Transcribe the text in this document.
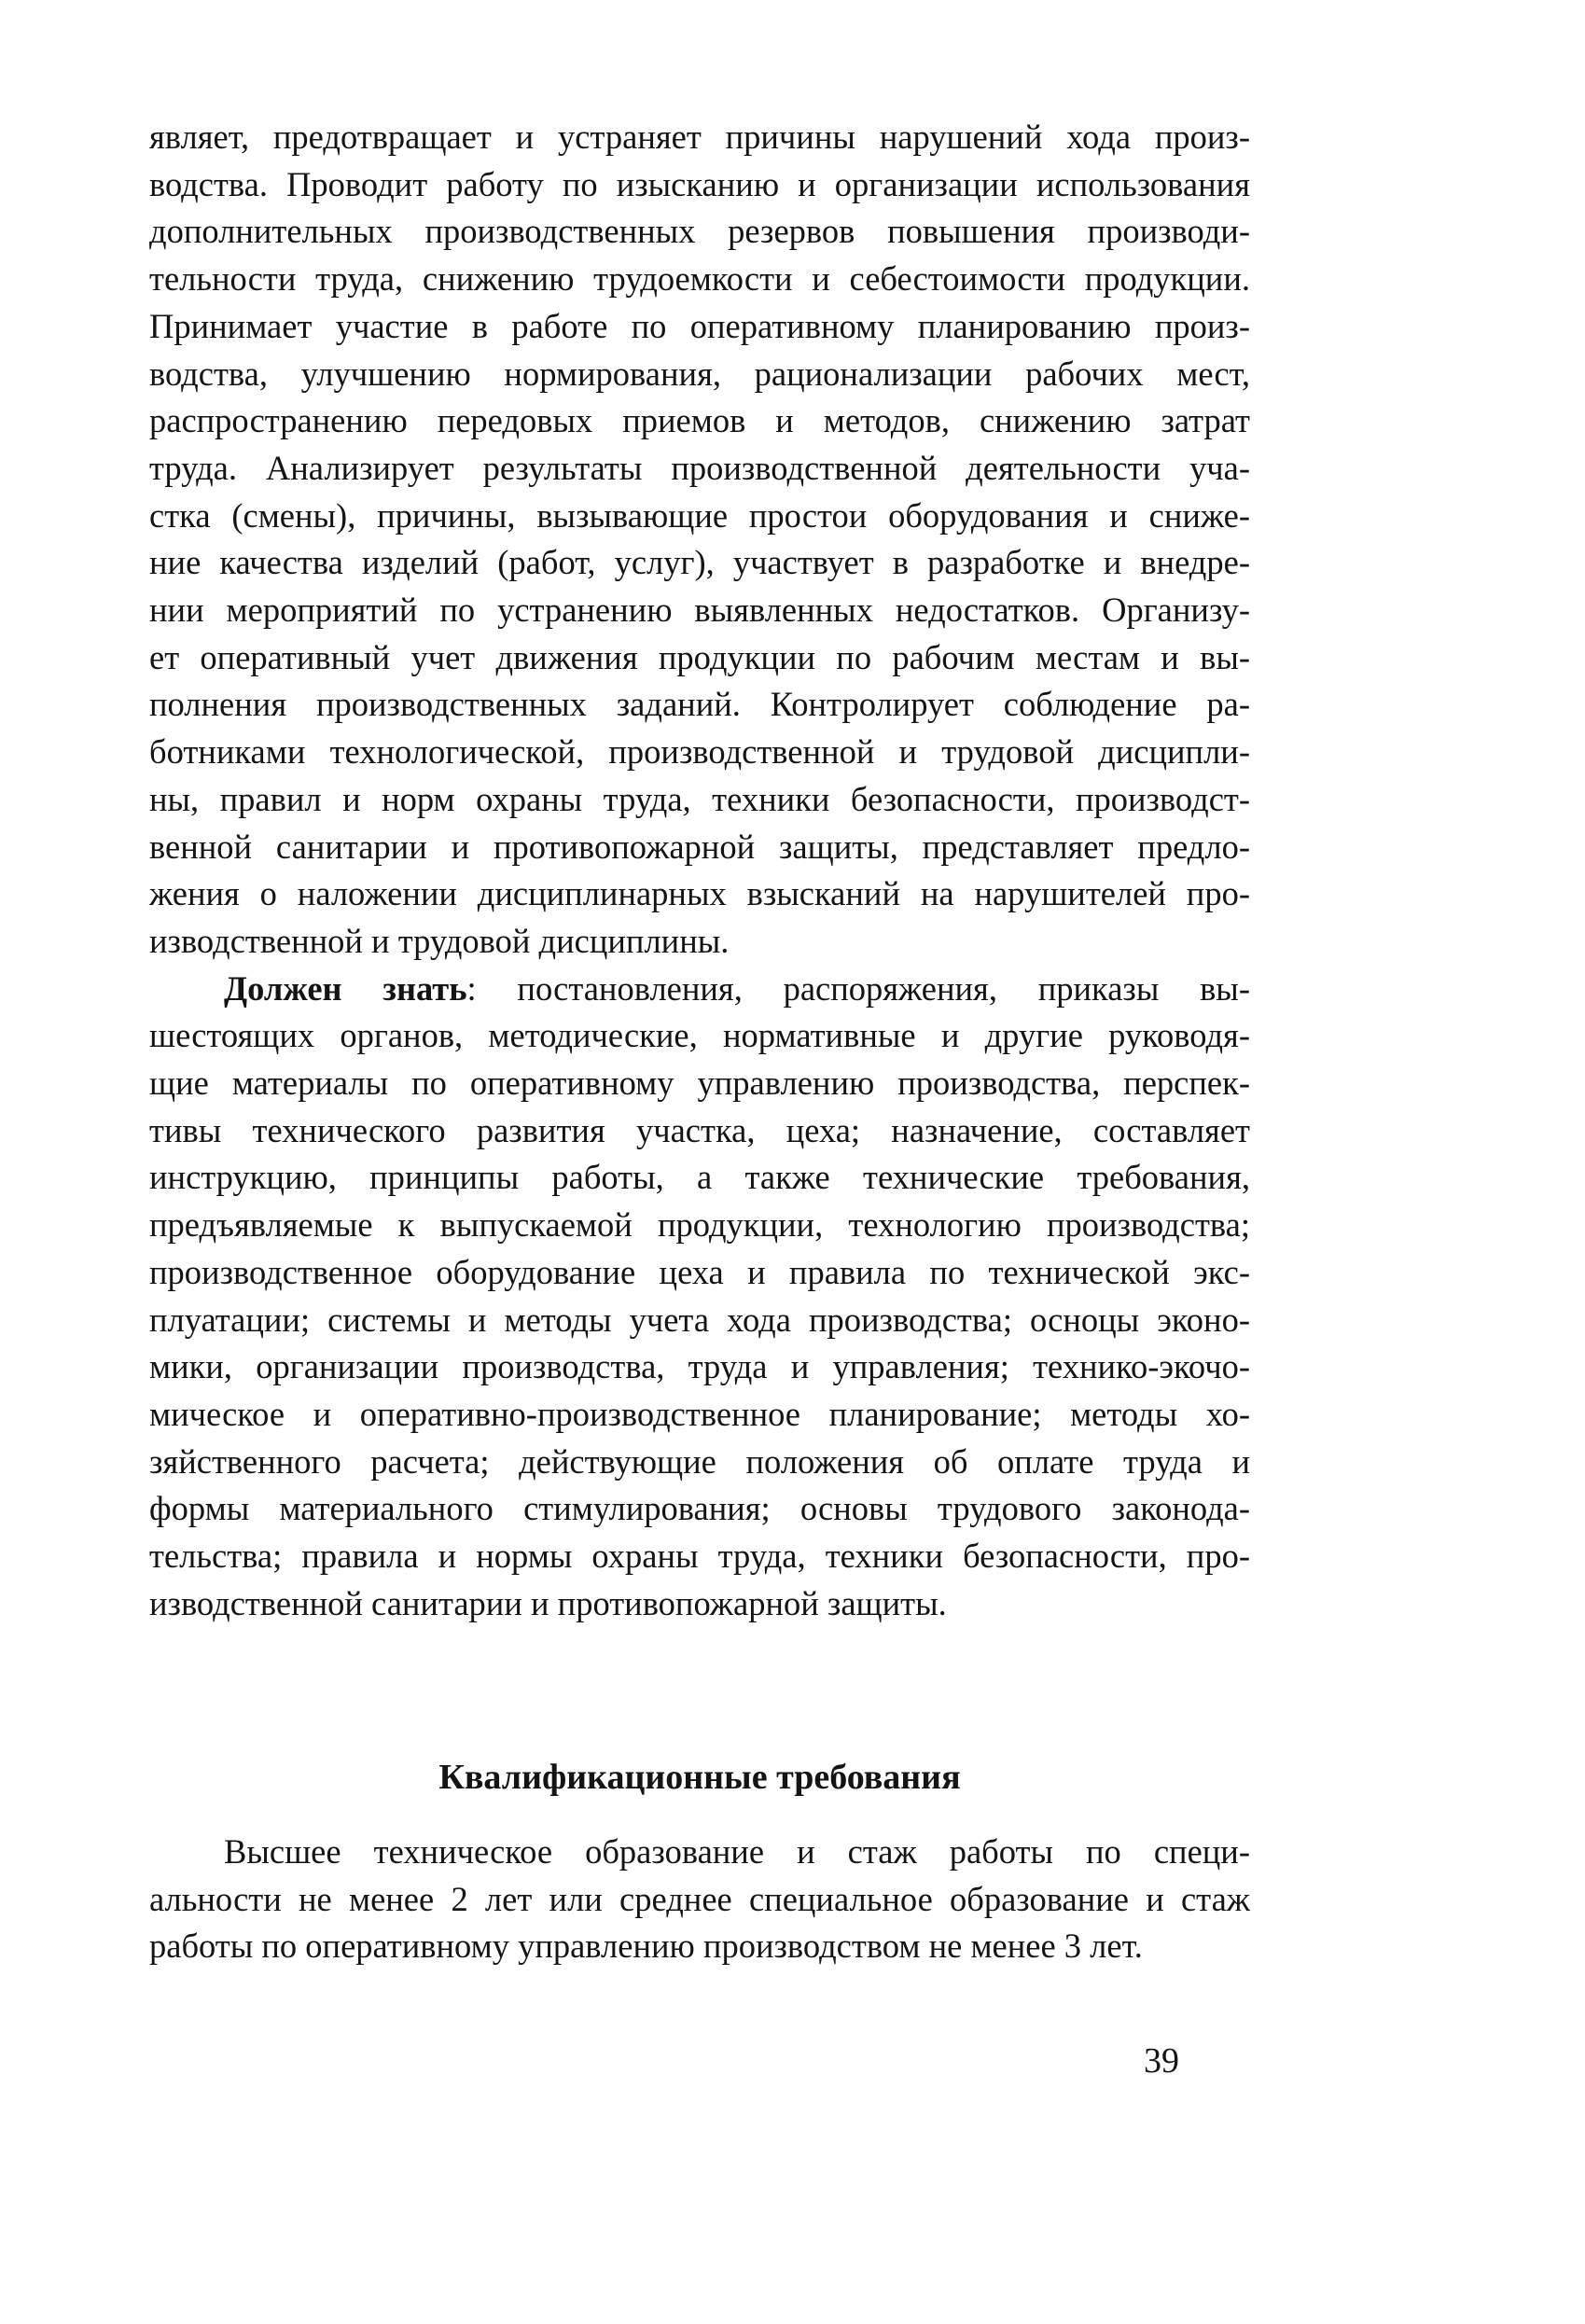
являет, предотвращает и устраняет причины нарушений хода произ-
водства. Проводит работу по изысканию и организации использования
дополнительных производственных резервов повышения производи-
тельности труда, снижению трудоемкости и себестоимости продукции.
Принимает участие в работе по оперативному планированию произ-
водства, улучшению нормирования, рационализации рабочих мест,
распространению передовых приемов и методов, снижению затрат
труда. Анализирует результаты производственной деятельности уча-
стка (смены), причины, вызывающие простои оборудования и сниже-
ние качества изделий (работ, услуг), участвует в разработке и внедре-
нии мероприятий по устранению выявленных недостатков. Организу-
ет оперативный учет движения продукции по рабочим местам и вы-
полнения производственных заданий. Контролирует соблюдение ра-
ботниками технологической, производственной и трудовой дисципли-
ны, правил и норм охраны труда, техники безопасности, производст-
венной санитарии и противопожарной защиты, представляет предло-
жения о наложении дисциплинарных взысканий на нарушителей про-
изводственной и трудовой дисциплины.

Должен знать: постановления, распоряжения, приказы вы-
шестоящих органов, методические, нормативные и другие руководя-
щие материалы по оперативному управлению производства, перспек-
тивы технического развития участка, цеха; назначение, составляет
инструкцию, принципы работы, а также технические требования,
предъявляемые к выпускаемой продукции, технологию производства;
производственное оборудование цеха и правила по технической экс-
плуатации; системы и методы учета хода производства; осноцы эконо-
мики, организации производства, труда и управления; технико-экочо-
мическое и оперативно-производственное планирование; методы хо-
зяйственного расчета; действующие положения об оплате труда и
формы материального стимулирования; основы трудового законода-
тельства; правила и нормы охраны труда, техники безопасности, про-
изводственной санитарии и противопожарной защиты.

Квалификационные требования

Высшее техническое образование и стаж работы по специ-
альности не менее 2 лет или среднее специальное образование и стаж
работы по оперативному управлению производством не менее 3 лет.

39
